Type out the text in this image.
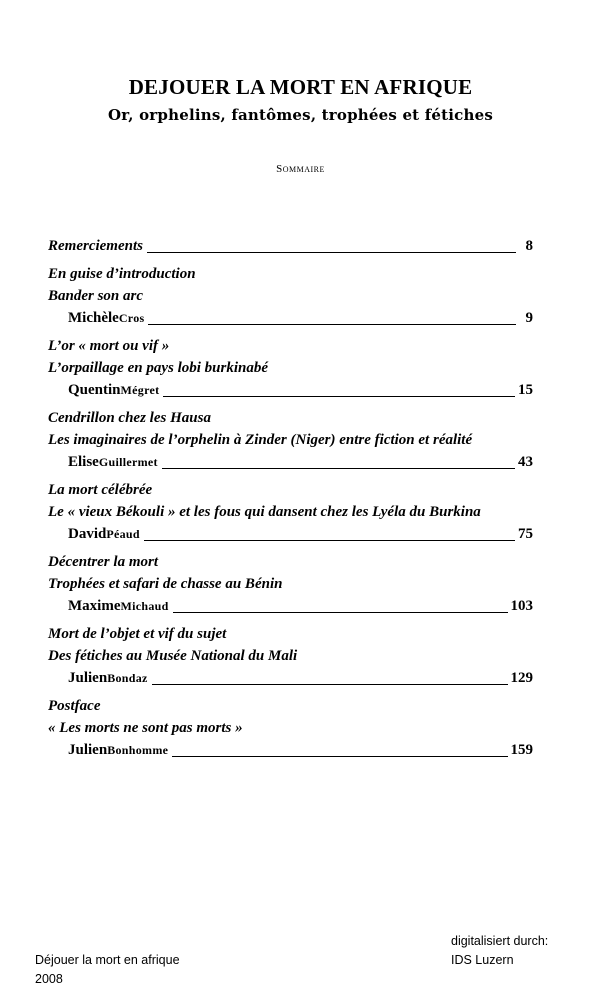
DEJOUER LA MORT EN AFRIQUE
Or, orphelins, fantômes, trophées et fétiches
Sommaire
Remerciements	8
En guise d’introduction
Bander son arc
Michèle Cros	9
L’or « mort ou vif »
L’orpaillage en pays lobi burkinabé
Quentin Mégret	15
Cendrillon chez les Hausa
Les imaginaires de l’orphelin à Zinder (Niger) entre fiction et réalité
Elise Guillermet	43
La mort célébrée
Le « vieux Békouli » et les fous qui dansent chez les Lyéla du Burkina
David Péaud	75
Décentrer la mort
Trophées et safari de chasse au Bénin
Maxime Michaud	103
Mort de l’objet et vif du sujet
Des fétiches au Musée National du Mali
Julien Bondaz	129
Postface
« Les morts ne sont pas morts »
Julien Bonhomme	159
Déjouer la mort en afrique
2008
digitalisiert durch:
IDS Luzern
